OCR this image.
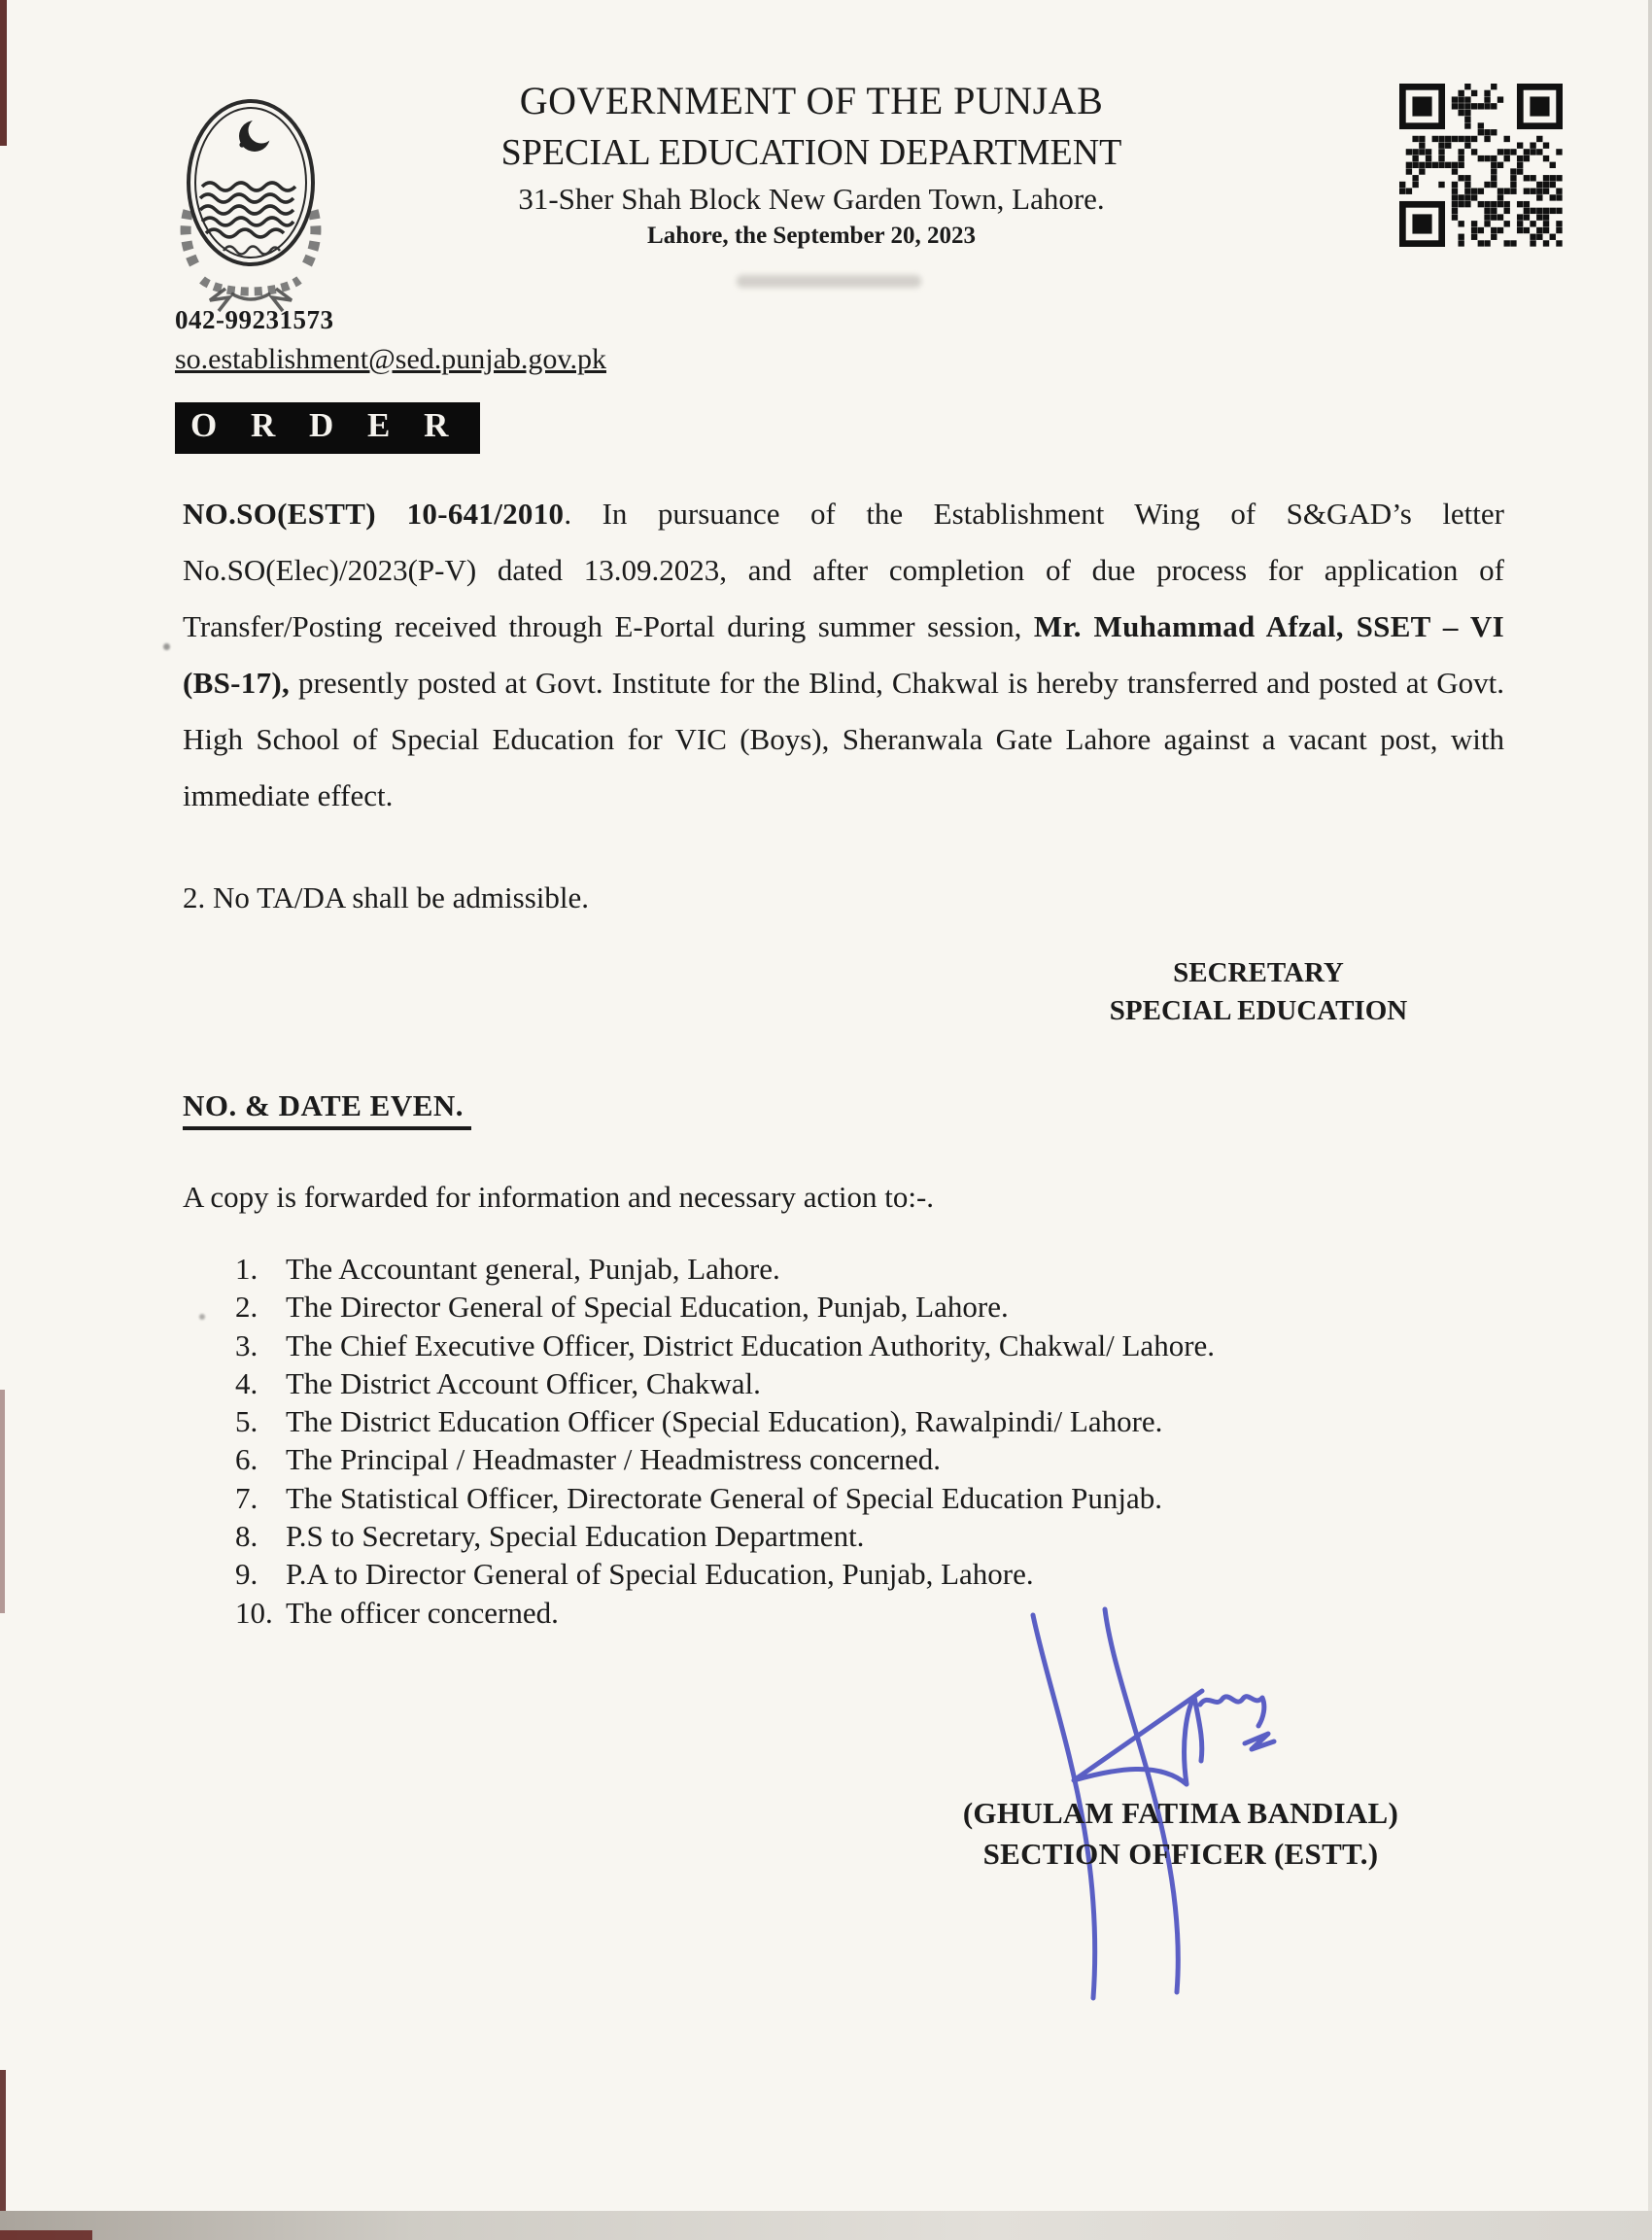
GOVERNMENT OF THE PUNJAB
SPECIAL EDUCATION DEPARTMENT
31-Sher Shah Block New Garden Town, Lahore.
Lahore, the September 20, 2023
042-99231573
so.establishment@sed.punjab.gov.pk
O R D E R
NO.SO(ESTT) 10-641/2010. In pursuance of the Establishment Wing of S&GAD’s letter No.SO(Elec)/2023(P-V) dated 13.09.2023, and after completion of due process for application of Transfer/Posting received through E-Portal during summer session, Mr. Muhammad Afzal, SSET – VI (BS-17), presently posted at Govt. Institute for the Blind, Chakwal is hereby transferred and posted at Govt. High School of Special Education for VIC (Boys), Sheranwala Gate Lahore against a vacant post, with immediate effect.
2. No TA/DA shall be admissible.
SECRETARY
SPECIAL EDUCATION
NO. & DATE EVEN.
A copy is forwarded for information and necessary action to:-.
1. The Accountant general, Punjab, Lahore.
2. The Director General of Special Education, Punjab, Lahore.
3. The Chief Executive Officer, District Education Authority, Chakwal/ Lahore.
4. The District Account Officer, Chakwal.
5. The District Education Officer (Special Education), Rawalpindi/ Lahore.
6. The Principal / Headmaster / Headmistress concerned.
7. The Statistical Officer, Directorate General of Special Education Punjab.
8. P.S to Secretary, Special Education Department.
9. P.A to Director General of Special Education, Punjab, Lahore.
10. The officer concerned.
(GHULAM FATIMA BANDIAL)
SECTION OFFICER (ESTT.)
